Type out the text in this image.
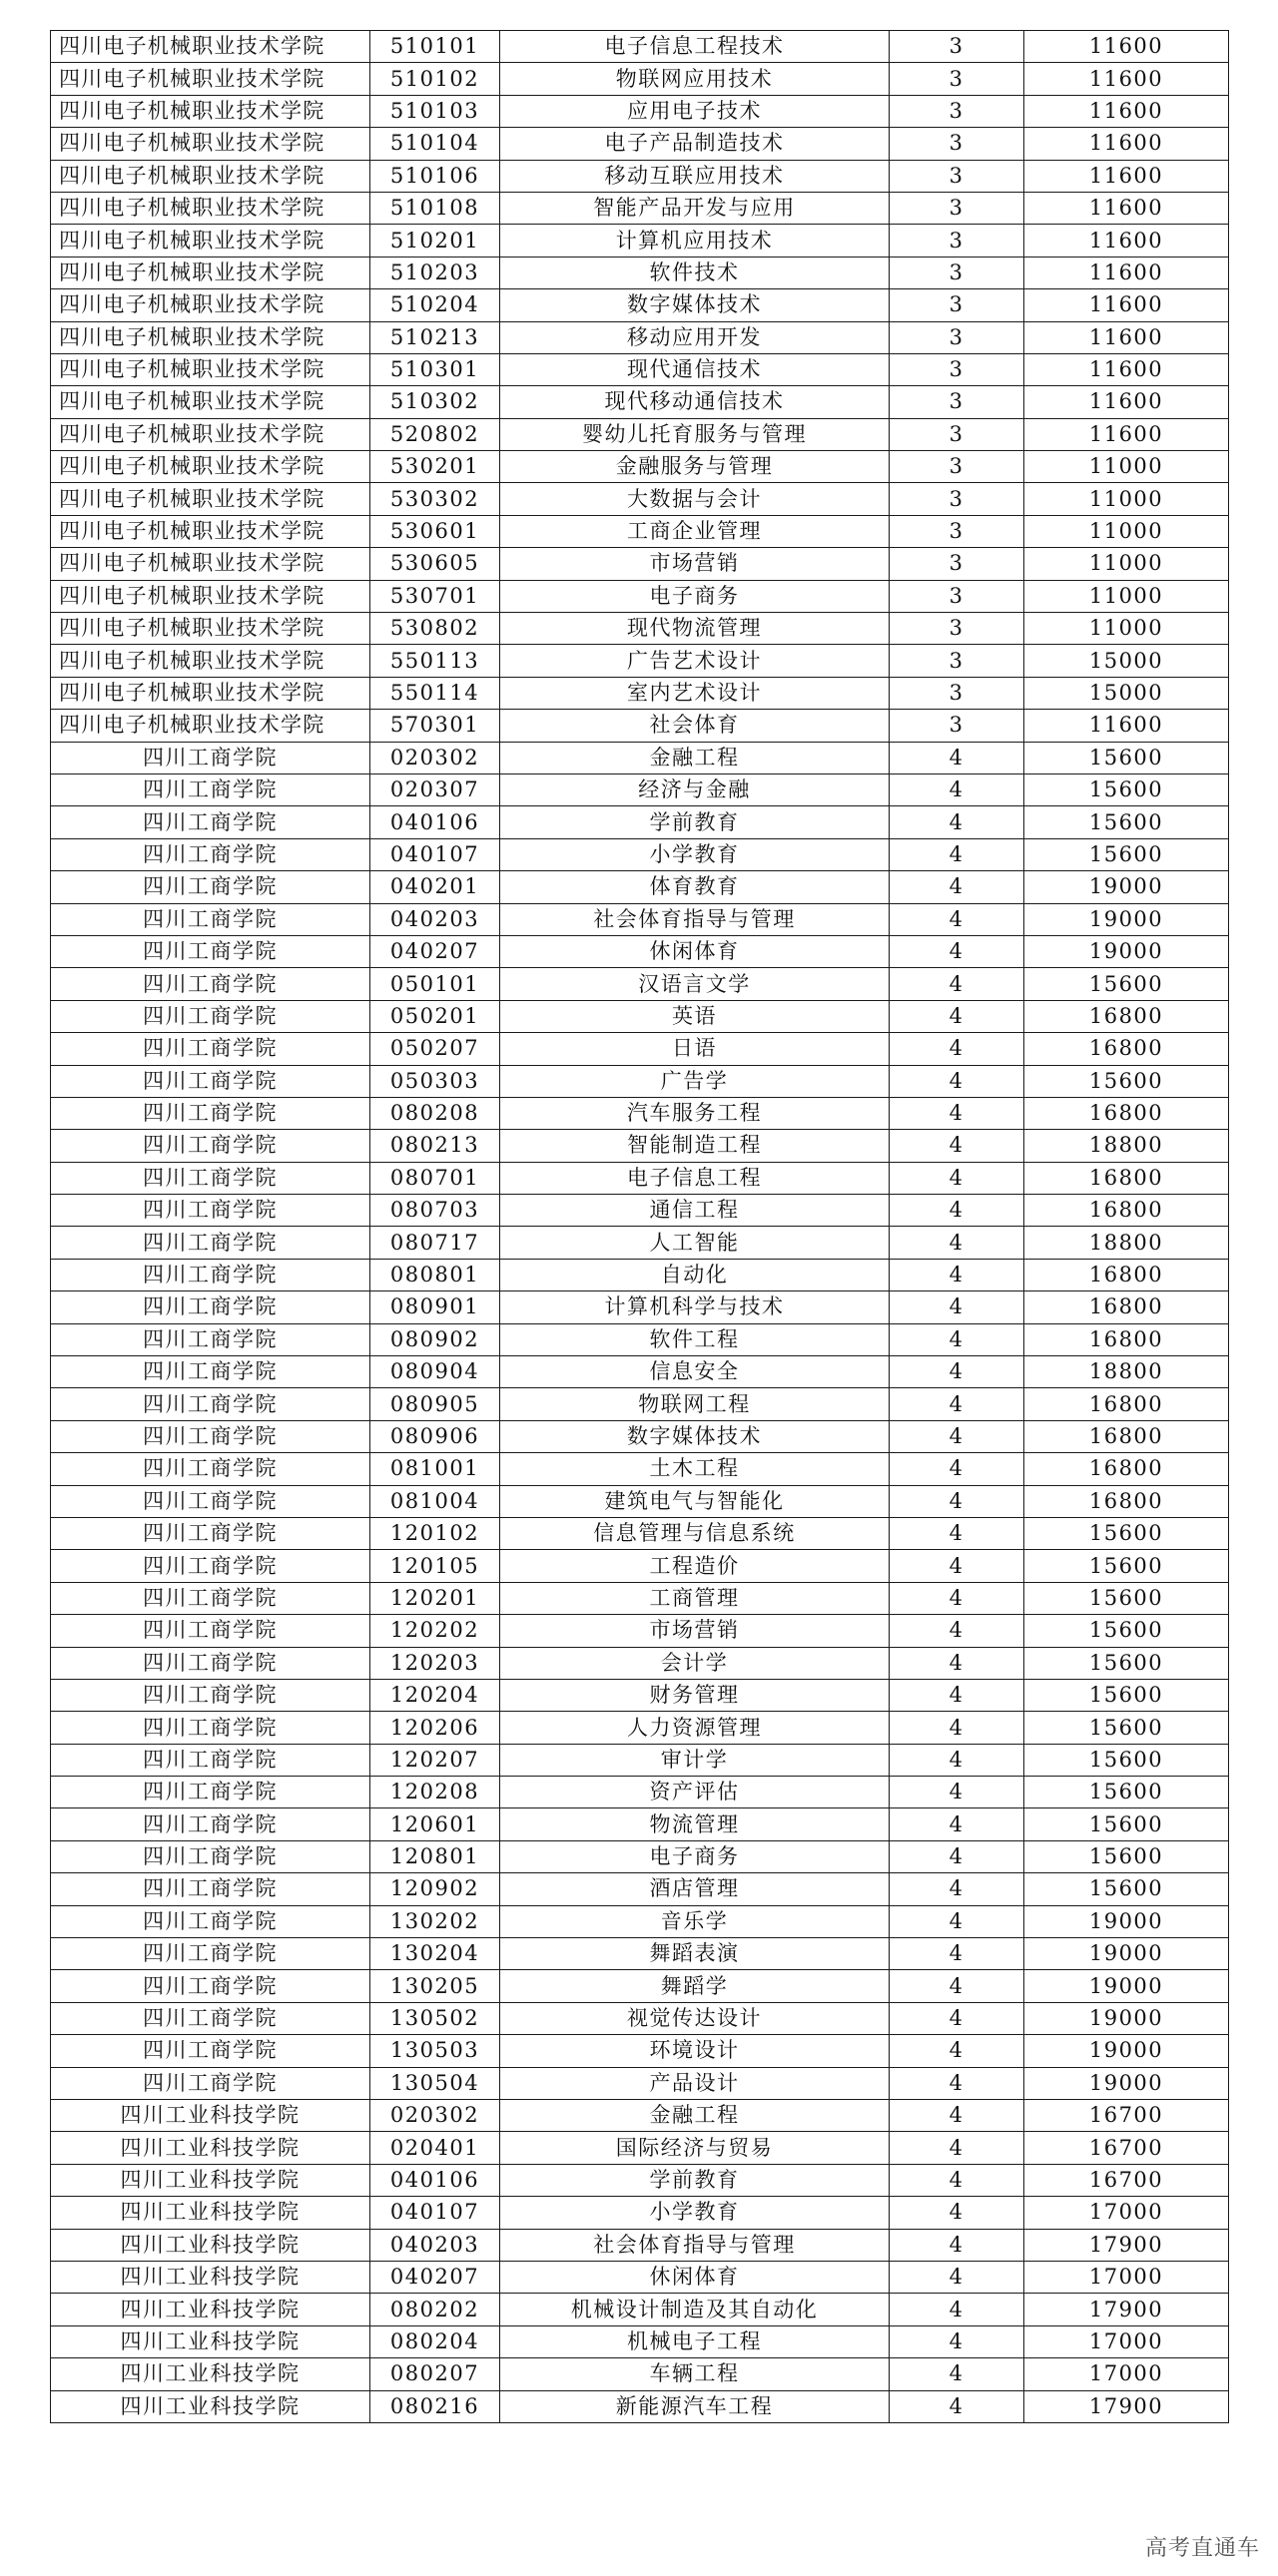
四川电子机械职业技术学院	510101	电子信息工程技术	3	11600
四川电子机械职业技术学院	510102	物联网应用技术	3	11600
四川电子机械职业技术学院	510103	应用电子技术	3	11600
四川电子机械职业技术学院	510104	电子产品制造技术	3	11600
四川电子机械职业技术学院	510106	移动互联应用技术	3	11600
四川电子机械职业技术学院	510108	智能产品开发与应用	3	11600
四川电子机械职业技术学院	510201	计算机应用技术	3	11600
四川电子机械职业技术学院	510203	软件技术	3	11600
四川电子机械职业技术学院	510204	数字媒体技术	3	11600
四川电子机械职业技术学院	510213	移动应用开发	3	11600
四川电子机械职业技术学院	510301	现代通信技术	3	11600
四川电子机械职业技术学院	510302	现代移动通信技术	3	11600
四川电子机械职业技术学院	520802	婴幼儿托育服务与管理	3	11600
四川电子机械职业技术学院	530201	金融服务与管理	3	11000
四川电子机械职业技术学院	530302	大数据与会计	3	11000
四川电子机械职业技术学院	530601	工商企业管理	3	11000
四川电子机械职业技术学院	530605	市场营销	3	11000
四川电子机械职业技术学院	530701	电子商务	3	11000
四川电子机械职业技术学院	530802	现代物流管理	3	11000
四川电子机械职业技术学院	550113	广告艺术设计	3	15000
四川电子机械职业技术学院	550114	室内艺术设计	3	15000
四川电子机械职业技术学院	570301	社会体育	3	11600
四川工商学院	020302	金融工程	4	15600
四川工商学院	020307	经济与金融	4	15600
四川工商学院	040106	学前教育	4	15600
四川工商学院	040107	小学教育	4	15600
四川工商学院	040201	体育教育	4	19000
四川工商学院	040203	社会体育指导与管理	4	19000
四川工商学院	040207	休闲体育	4	19000
四川工商学院	050101	汉语言文学	4	15600
四川工商学院	050201	英语	4	16800
四川工商学院	050207	日语	4	16800
四川工商学院	050303	广告学	4	15600
四川工商学院	080208	汽车服务工程	4	16800
四川工商学院	080213	智能制造工程	4	18800
四川工商学院	080701	电子信息工程	4	16800
四川工商学院	080703	通信工程	4	16800
四川工商学院	080717	人工智能	4	18800
四川工商学院	080801	自动化	4	16800
四川工商学院	080901	计算机科学与技术	4	16800
四川工商学院	080902	软件工程	4	16800
四川工商学院	080904	信息安全	4	18800
四川工商学院	080905	物联网工程	4	16800
四川工商学院	080906	数字媒体技术	4	16800
四川工商学院	081001	土木工程	4	16800
四川工商学院	081004	建筑电气与智能化	4	16800
四川工商学院	120102	信息管理与信息系统	4	15600
四川工商学院	120105	工程造价	4	15600
四川工商学院	120201	工商管理	4	15600
四川工商学院	120202	市场营销	4	15600
四川工商学院	120203	会计学	4	15600
四川工商学院	120204	财务管理	4	15600
四川工商学院	120206	人力资源管理	4	15600
四川工商学院	120207	审计学	4	15600
四川工商学院	120208	资产评估	4	15600
四川工商学院	120601	物流管理	4	15600
四川工商学院	120801	电子商务	4	15600
四川工商学院	120902	酒店管理	4	15600
四川工商学院	130202	音乐学	4	19000
四川工商学院	130204	舞蹈表演	4	19000
四川工商学院	130205	舞蹈学	4	19000
四川工商学院	130502	视觉传达设计	4	19000
四川工商学院	130503	环境设计	4	19000
四川工商学院	130504	产品设计	4	19000
四川工业科技学院	020302	金融工程	4	16700
四川工业科技学院	020401	国际经济与贸易	4	16700
四川工业科技学院	040106	学前教育	4	16700
四川工业科技学院	040107	小学教育	4	17000
四川工业科技学院	040203	社会体育指导与管理	4	17900
四川工业科技学院	040207	休闲体育	4	17000
四川工业科技学院	080202	机械设计制造及其自动化	4	17900
四川工业科技学院	080204	机械电子工程	4	17000
四川工业科技学院	080207	车辆工程	4	17000
四川工业科技学院	080216	新能源汽车工程	4	17900
高考直通车
